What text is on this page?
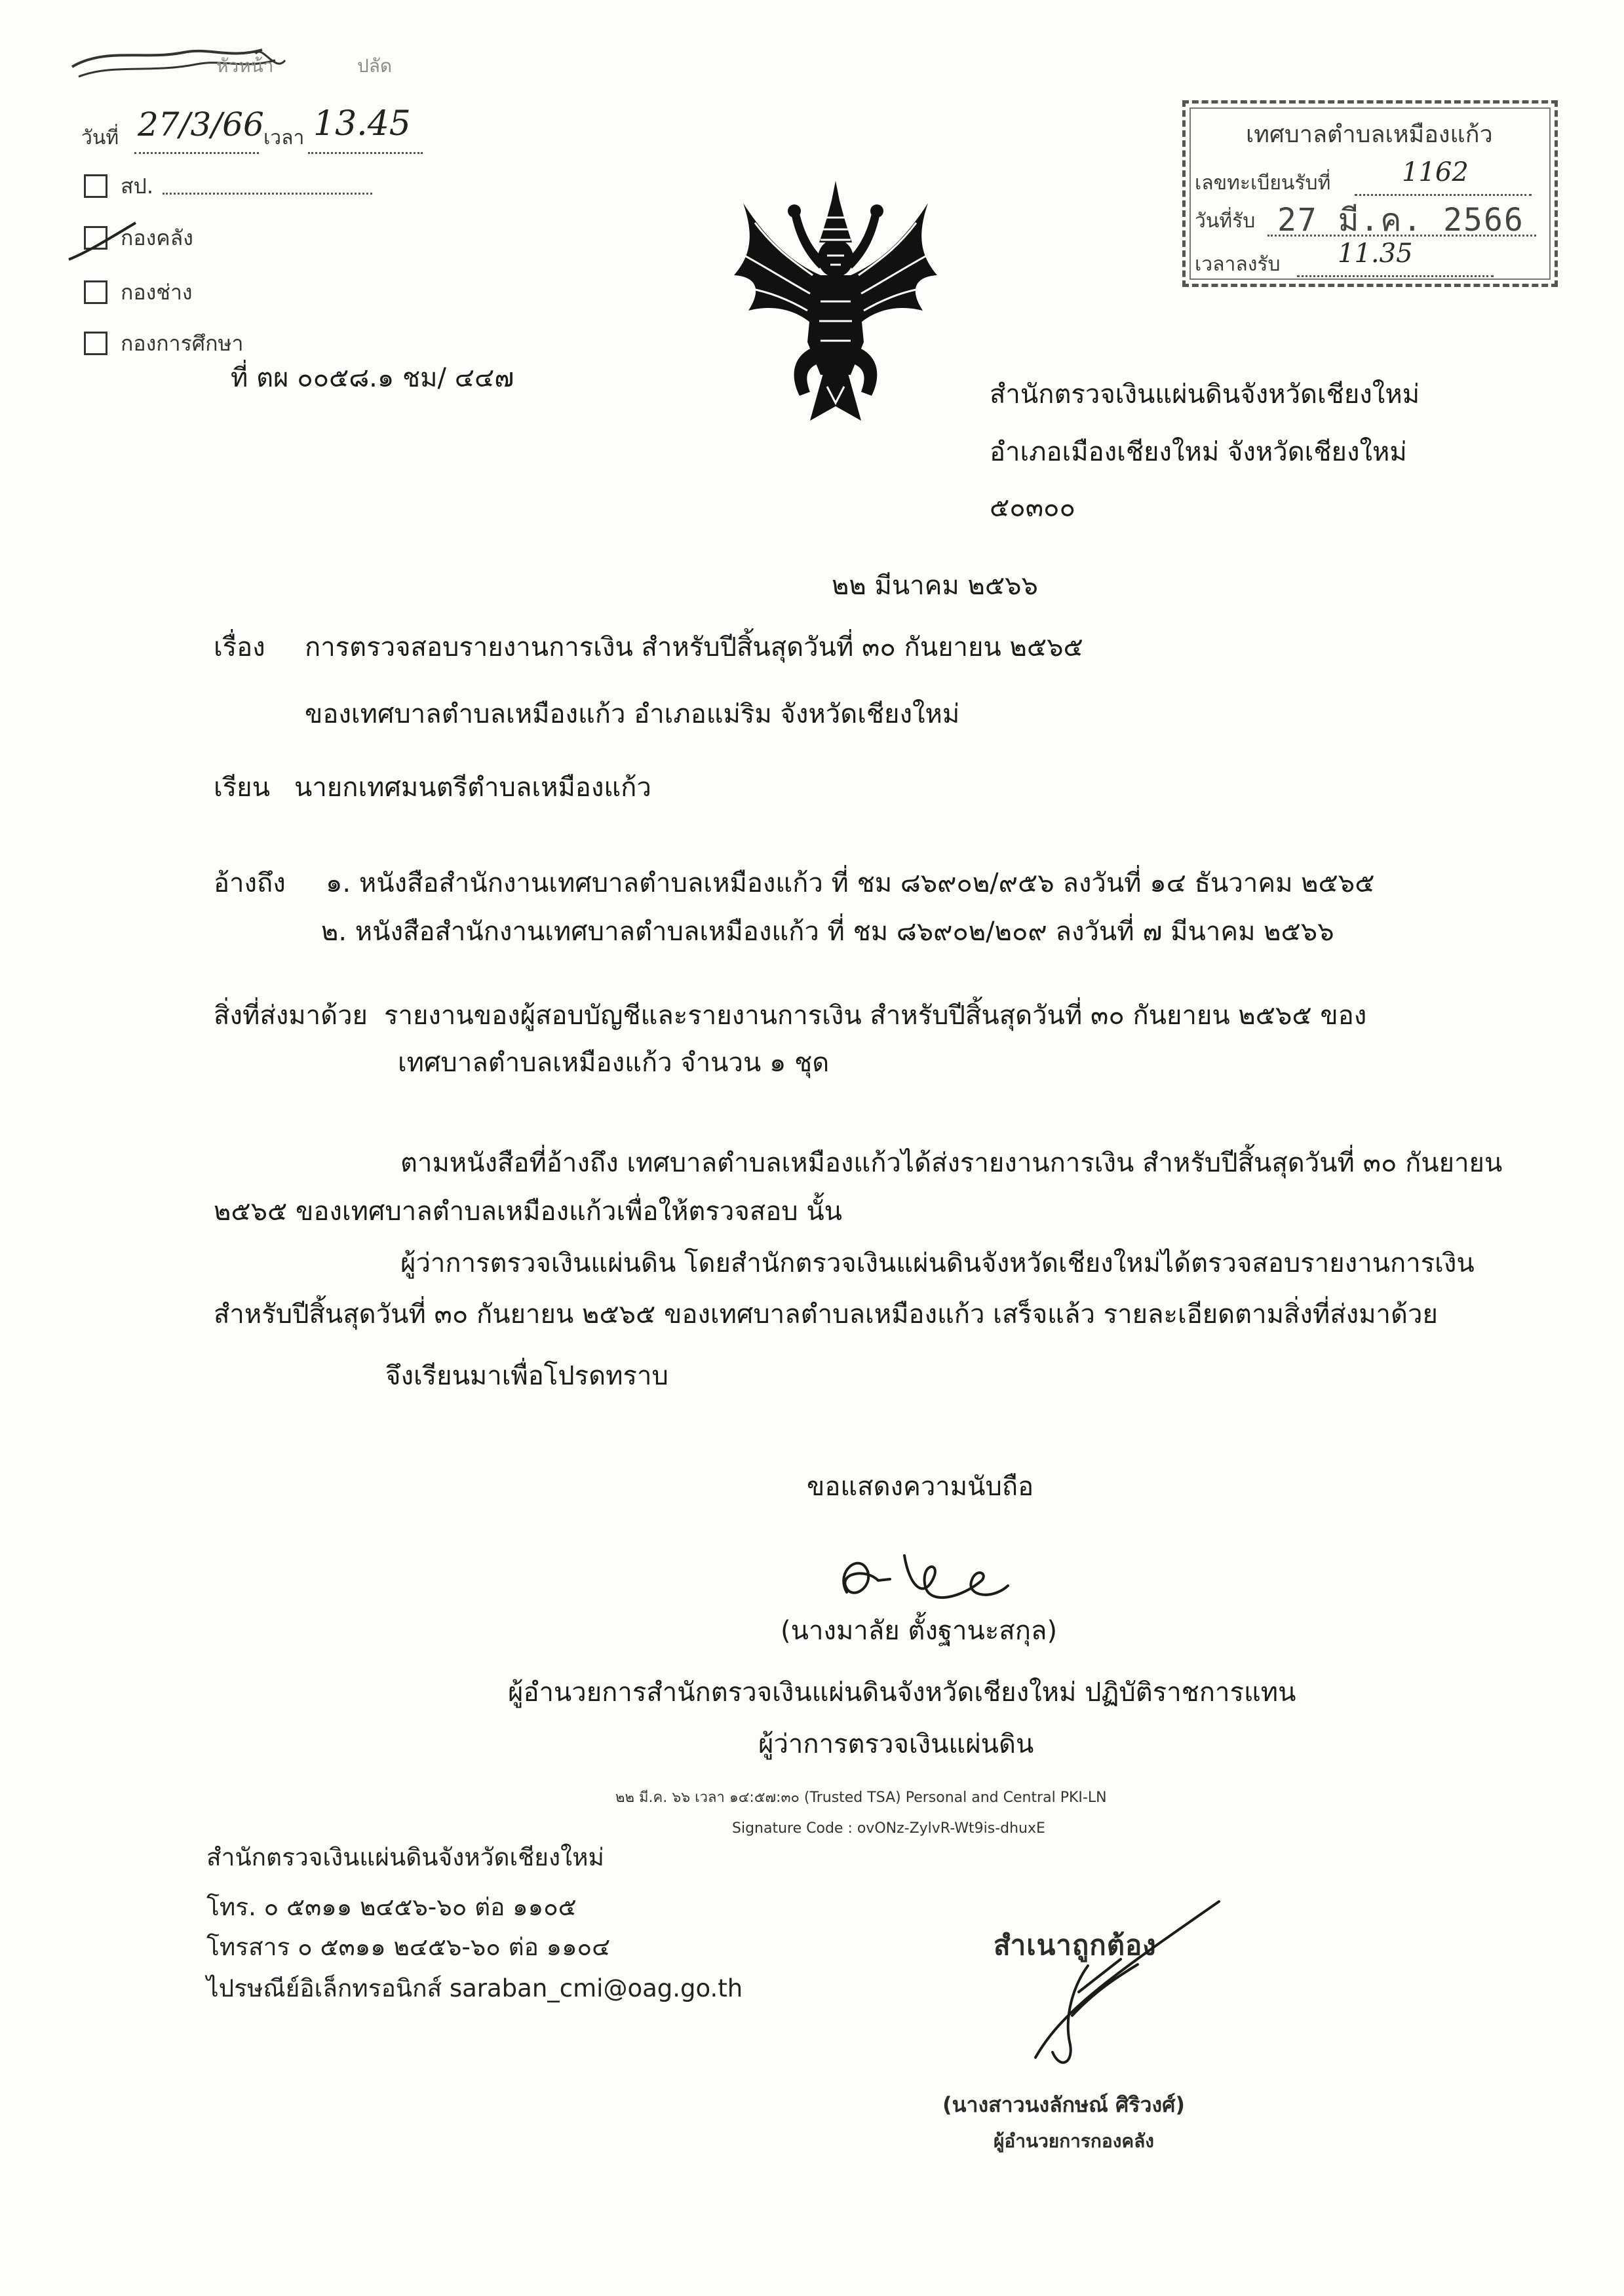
หัวหน้า	ปลัด
วันที่ 27/3/66 เวลา 13.45
สป.
กองคลัง
กองช่าง
กองการศึกษา
เทศบาลตำบลเหมืองแก้ว
เลขทะเบียนรับที่	1162
วันที่รับ 27 มี.ค. 2566
เวลาลงรับ 11.35
ที่ ตผ ๐๐๕๘.๑ ชม/ ๔๔๗
สำนักตรวจเงินแผ่นดินจังหวัดเชียงใหม่
อำเภอเมืองเชียงใหม่ จังหวัดเชียงใหม่
๕๐๓๐๐
๒๒ มีนาคม ๒๕๖๖
เรื่อง การตรวจสอบรายงานการเงิน สำหรับปีสิ้นสุดวันที่ ๓๐ กันยายน ๒๕๖๕
ของเทศบาลตำบลเหมืองแก้ว อำเภอแม่ริม จังหวัดเชียงใหม่
เรียน นายกเทศมนตรีตำบลเหมืองแก้ว
อ้างถึง ๑. หนังสือสำนักงานเทศบาลตำบลเหมืองแก้ว ที่ ชม ๘๖๙๐๒/๙๕๖ ลงวันที่ ๑๔ ธันวาคม ๒๕๖๕
๒. หนังสือสำนักงานเทศบาลตำบลเหมืองแก้ว ที่ ชม ๘๖๙๐๒/๒๐๙ ลงวันที่ ๗ มีนาคม ๒๕๖๖
สิ่งที่ส่งมาด้วย รายงานของผู้สอบบัญชีและรายงานการเงิน สำหรับปีสิ้นสุดวันที่ ๓๐ กันยายน ๒๕๖๕ ของ
เทศบาลตำบลเหมืองแก้ว จำนวน ๑ ชุด
ตามหนังสือที่อ้างถึง เทศบาลตำบลเหมืองแก้วได้ส่งรายงานการเงิน สำหรับปีสิ้นสุดวันที่ ๓๐ กันยายน
๒๕๖๕ ของเทศบาลตำบลเหมืองแก้วเพื่อให้ตรวจสอบ นั้น
ผู้ว่าการตรวจเงินแผ่นดิน โดยสำนักตรวจเงินแผ่นดินจังหวัดเชียงใหม่ได้ตรวจสอบรายงานการเงิน
สำหรับปีสิ้นสุดวันที่ ๓๐ กันยายน ๒๕๖๕ ของเทศบาลตำบลเหมืองแก้ว เสร็จแล้ว รายละเอียดตามสิ่งที่ส่งมาด้วย
จึงเรียนมาเพื่อโปรดทราบ
ขอแสดงความนับถือ
(นางมาลัย ตั้งฐานะสกุล)
ผู้อำนวยการสำนักตรวจเงินแผ่นดินจังหวัดเชียงใหม่ ปฏิบัติราชการแทน
ผู้ว่าการตรวจเงินแผ่นดิน
๒๒ มี.ค. ๖๖ เวลา ๑๔:๕๗:๓๐ (Trusted TSA) Personal and Central PKI-LN
Signature Code : ovONz-ZylvR-Wt9is-dhuxE
สำนักตรวจเงินแผ่นดินจังหวัดเชียงใหม่
โทร. ๐ ๕๓๑๑ ๒๔๕๖-๖๐ ต่อ ๑๑๐๕
โทรสาร ๐ ๕๓๑๑ ๒๔๕๖-๖๐ ต่อ ๑๑๐๔
ไปรษณีย์อิเล็กทรอนิกส์ saraban_cmi@oag.go.th
สำเนาถูกต้อง
(นางสาวนงลักษณ์ ศิริวงศ์)
ผู้อำนวยการกองคลัง
